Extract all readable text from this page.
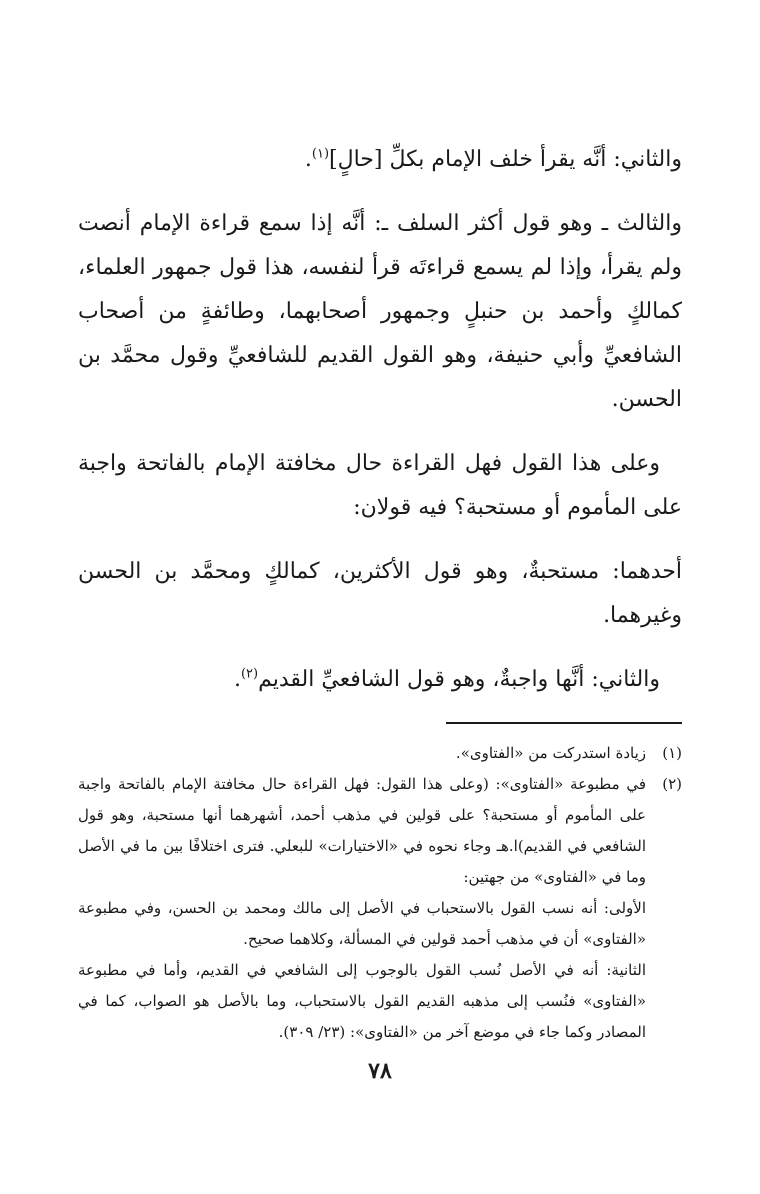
والثاني: أنَّه يقرأ خلف الإمام بكلِّ [حالٍ]$^{(١)}$.

والثالث ـ وهو قول أكثر السلف ـ: أنَّه إذا سمع قراءة الإمام أنصت ولم يقرأ، وإذا لم يسمع قراءتَه قرأ لنفسه، هذا قول جمهور العلماء، كمالكٍ وأحمد بن حنبلٍ وجمهور أصحابهما، وطائفةٍ من أصحاب الشافعيِّ وأبي حنيفة، وهو القول القديم للشافعيِّ وقول محمَّد بن الحسن.

وعلى هذا القول فهل القراءة حال مخافتة الإمام بالفاتحة واجبة على المأموم أو مستحبة؟ فيه قولان:

أحدهما: مستحبةٌ، وهو قول الأكثرين، كمالكٍ ومحمَّد بن الحسن وغيرهما.

والثاني: أنَّها واجبةٌ، وهو قول الشافعيِّ القديم$^{(٢)}$.

(١)

زيادة استدركت من «الفتاوى».

(٢)

في مطبوعة «الفتاوى»: (وعلى هذا القول: فهل القراءة حال مخافتة الإمام بالفاتحة واجبة على المأموم أو مستحبة؟ على قولين في مذهب أحمد، أشهرهما أنها مستحبة، وهو قول الشافعي في القديم)ا.هـ وجاء نحوه في «الاختيارات» للبعلي. فترى اختلافًا بين ما في الأصل وما في «الفتاوى» من جهتين:

الأولى: أنه نسب القول بالاستحباب في الأصل إلى مالك ومحمد بن الحسن، وفي مطبوعة «الفتاوى» أن في مذهب أحمد قولين في المسألة، وكلاهما صحيح.

الثانية: أنه في الأصل نُسب القول بالوجوب إلى الشافعي في القديم، وأما في مطبوعة «الفتاوى» فنُسب إلى مذهبه القديم القول بالاستحباب، وما بالأصل هو الصواب، كما في المصادر وكما جاء في موضع آخر من «الفتاوى»: (٢٣/ ٣٠٩).

٧٨
